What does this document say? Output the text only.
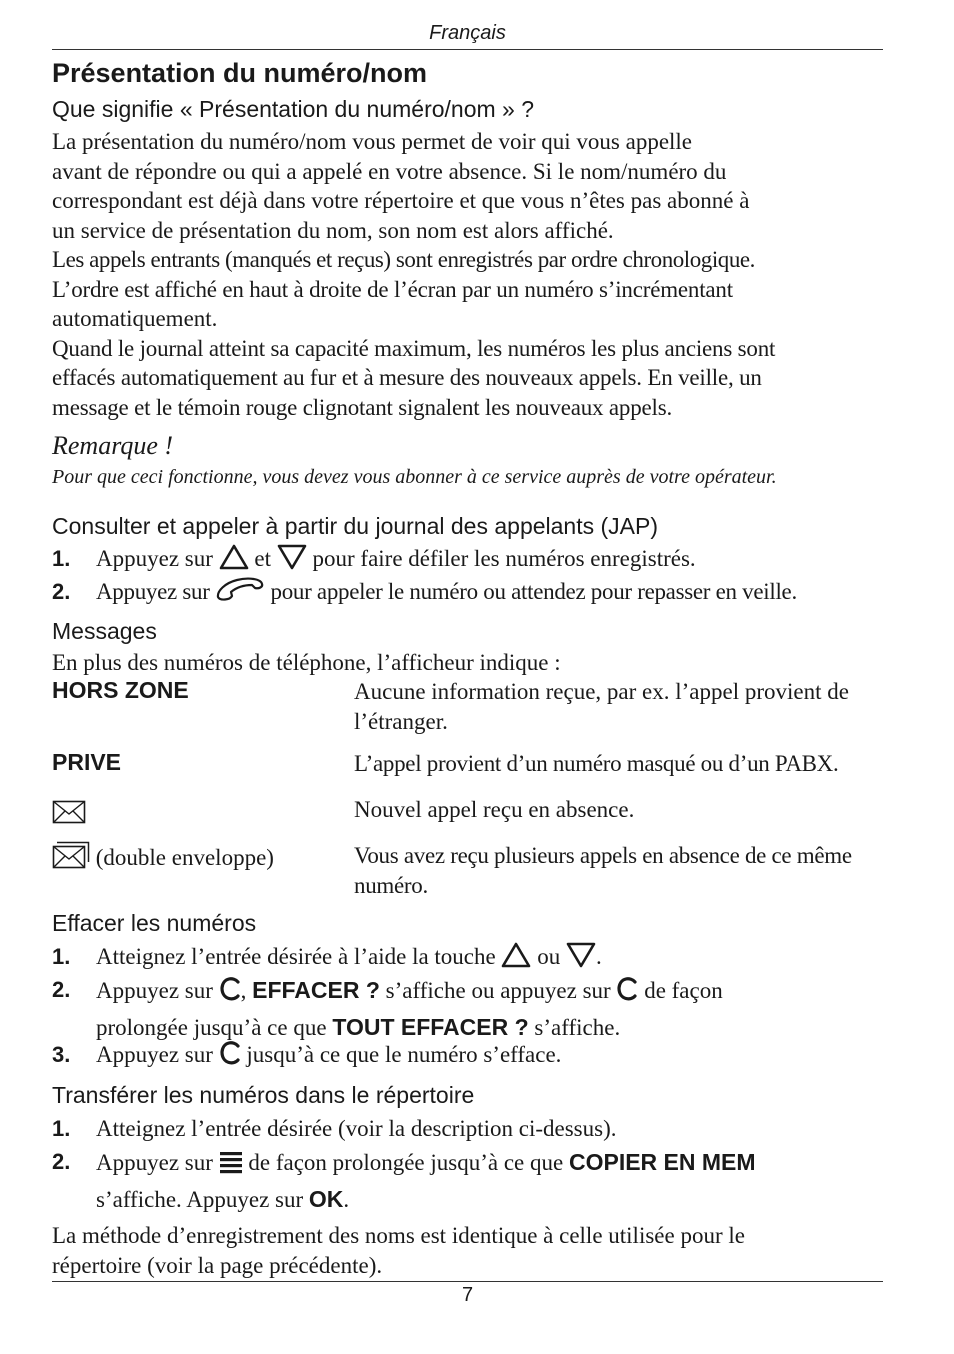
Français
Présentation du numéro/nom
Que signifie « Présentation du numéro/nom » ?

La présentation du numéro/nom vous permet de voir qui vous appelle

avant de répondre ou qui a appelé en votre absence. Si le nom/numéro du

correspondant est déjà dans votre répertoire et que vous n’êtes pas abonné à

un service de présentation du nom, son nom est alors affiché.

Les appels entrants (manqués et reçus) sont enregistrés par ordre chronologique.

L’ordre est affiché en haut à droite de l’écran par un numéro s’incrémentant

automatiquement.

Quand le journal atteint sa capacité maximum, les numéros les plus anciens sont

effacés automatiquement au fur et à mesure des nouveaux appels. En veille, un

message et le témoin rouge clignotant signalent les nouveaux appels.

Remarque !
Pour que ceci fonctionne, vous devez vous abonner à ce service auprès de votre opérateur.
Consulter et appeler à partir du journal des appelants (JAP)
1. Appuyez sur et pour faire défiler les numéros enregistrés.
2. Appuyez sur	pour appeler le numéro ou attendez pour repasser en veille.
Messages
En plus des numéros de téléphone, l’afficheur indique :
HORS ZONE	Aucune information reçue, par ex. l’appel provient de l’étranger.
PRIVE	L’appel provient d’un numéro masqué ou d’un PABX.
Nouvel appel reçu en absence.
(double enveloppe)	Vous avez reçu plusieurs appels en absence de ce même numéro.
Effacer les numéros
1. Atteignez l’entrée désirée à l’aide la touche ou .
2. Appuyez sur , EFFACER ? s’affiche ou appuyez sur de façon
prolongée jusqu’à ce que TOUT EFFACER ? s’affiche.
3. Appuyez sur jusqu’à ce que le numéro s’efface.
Transférer les numéros dans le répertoire
1. Atteignez l’entrée désirée (voir la description ci-dessus).
2. Appuyez sur de façon prolongée jusqu’à ce que COPIER EN MEM
s’affiche. Appuyez sur OK.

La méthode d’enregistrement des noms est identique à celle utilisée pour le

répertoire (voir la page précédente).

7
